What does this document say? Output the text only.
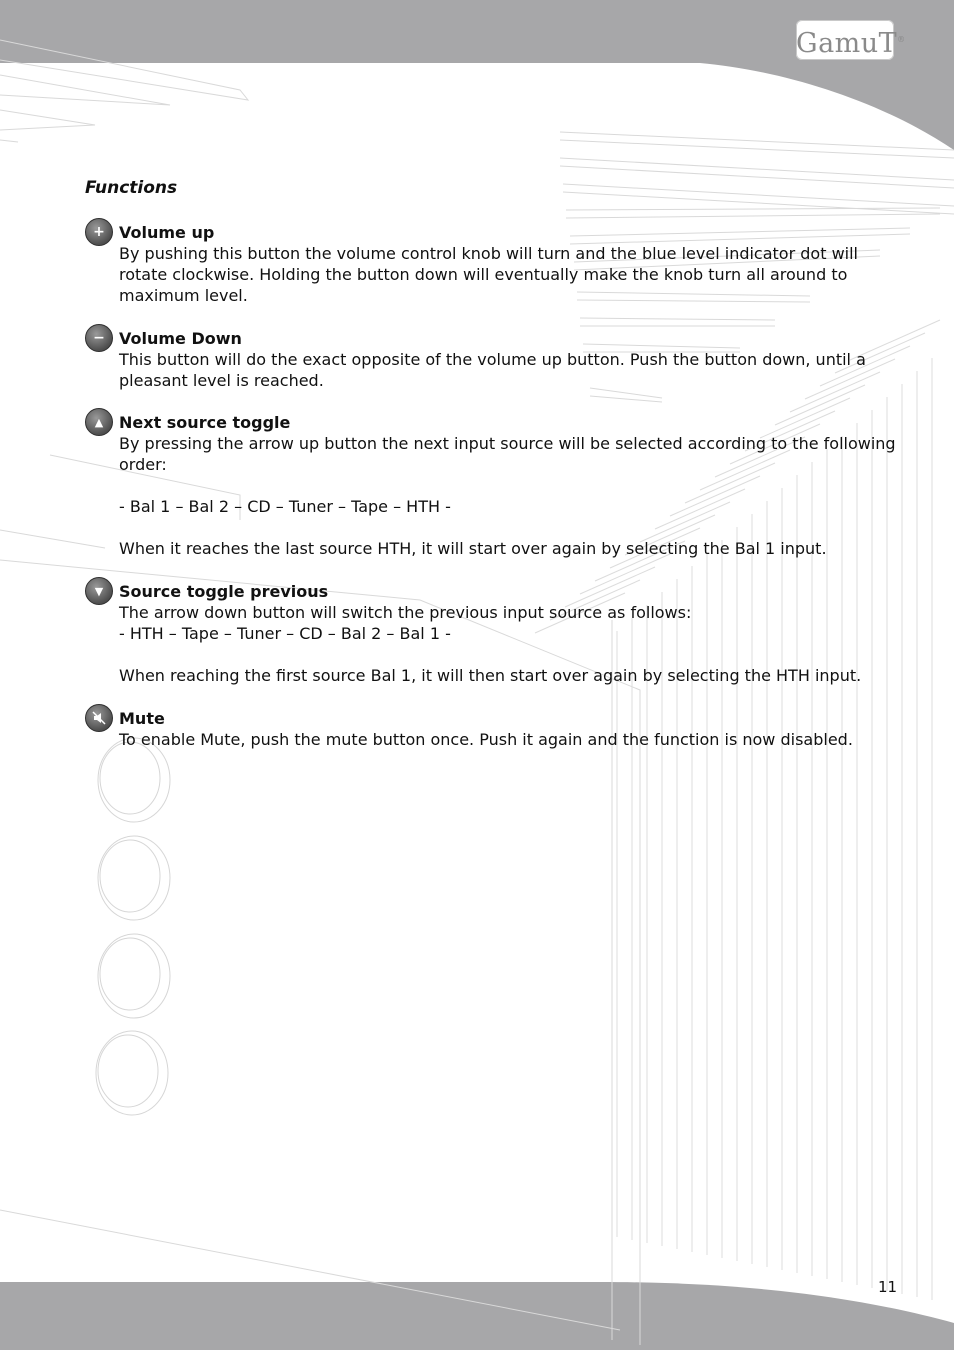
GamuT®
Functions
+ Volume up
By pushing this button the volume control knob will turn and the blue level indicator dot will
rotate clockwise. Holding the button down will eventually make the knob turn all around to
maximum level.
− Volume Down
This button will do the exact opposite of the volume up button. Push the button down, until a
pleasant level is reached.
▲ Next source toggle
By pressing the arrow up button the next input source will be selected according to the following
order:
- Bal 1 – Bal 2 – CD – Tuner – Tape – HTH -
When it reaches the last source HTH, it will start over again by selecting the Bal 1 input.
▼ Source toggle previous
The arrow down button will switch the previous input source as follows:
- HTH – Tape – Tuner – CD – Bal 2 – Bal 1 -
When reaching the first source Bal 1, it will then start over again by selecting the HTH input.
Mute
To enable Mute, push the mute button once. Push it again and the function is now disabled.
11
